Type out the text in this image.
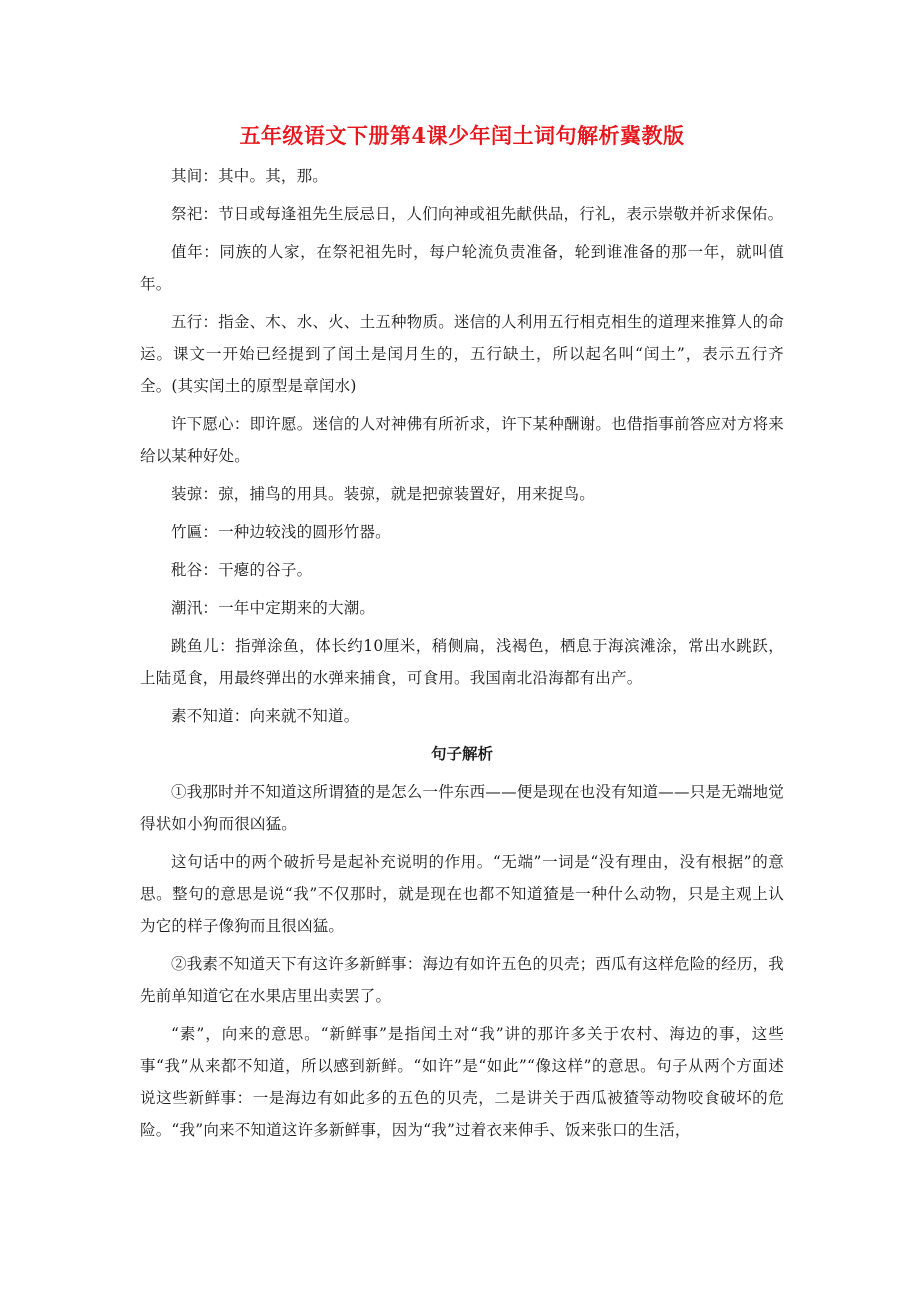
五年级语文下册第4课少年闰土词句解析冀教版

其间：其中。其，那。

祭祀：节日或每逢祖先生辰忌日，人们向神或祖先献供品，行礼，表示崇敬并祈求保佑。

值年：同族的人家，在祭祀祖先时，每户轮流负责准备，轮到谁准备的那一年，就叫值年。

五行：指金、木、水、火、土五种物质。迷信的人利用五行相克相生的道理来推算人的命运。课文一开始已经提到了闰土是闰月生的，五行缺土，所以起名叫“闰土”，表示五行齐全。(其实闰土的原型是章闰水)

许下愿心：即许愿。迷信的人对神佛有所祈求，许下某种酬谢。也借指事前答应对方将来给以某种好处。

装弶：弶，捕鸟的用具。装弶，就是把弶装置好，用来捉鸟。

竹匾：一种边较浅的圆形竹器。

秕谷：干瘪的谷子。

潮汛：一年中定期来的大潮。

跳鱼儿：指弹涂鱼，体长约10厘米，稍侧扁，浅褐色，栖息于海滨滩涂，常出水跳跃，上陆觅食，用最终弹出的水弹来捕食，可食用。我国南北沿海都有出产。

素不知道：向来就不知道。

句子解析

①我那时并不知道这所谓猹的是怎么一件东西——便是现在也没有知道——只是无端地觉得状如小狗而很凶猛。

这句话中的两个破折号是起补充说明的作用。“无端”一词是“没有理由，没有根据”的意思。整句的意思是说“我”不仅那时，就是现在也都不知道猹是一种什么动物，只是主观上认为它的样子像狗而且很凶猛。

②我素不知道天下有这许多新鲜事：海边有如许五色的贝壳；西瓜有这样危险的经历，我先前单知道它在水果店里出卖罢了。

“素”，向来的意思。“新鲜事”是指闰土对“我”讲的那许多关于农村、海边的事，这些事“我”从来都不知道，所以感到新鲜。“如许”是“如此”“像这样”的意思。句子从两个方面述说这些新鲜事：一是海边有如此多的五色的贝壳，二是讲关于西瓜被猹等动物咬食破坏的危险。“我”向来不知道这许多新鲜事，因为“我”过着衣来伸手、饭来张口的生活，
